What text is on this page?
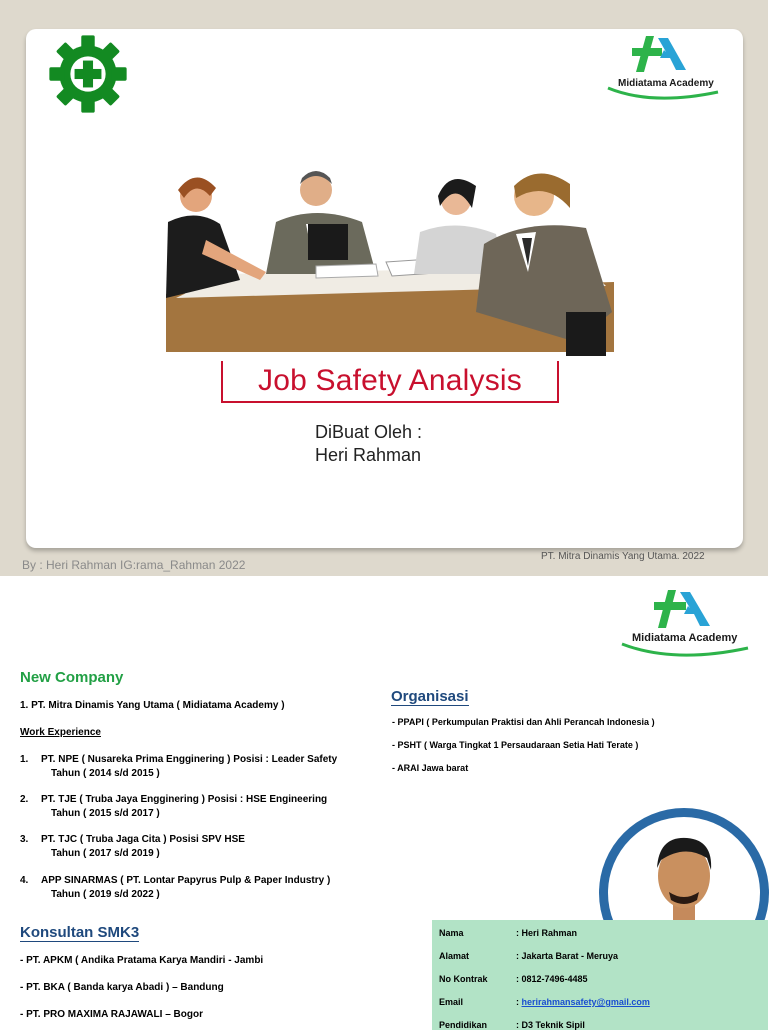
Midiatama Academy
Job Safety Analysis
DiBuat Oleh :
Heri Rahman
By : Heri Rahman IG:rama_Rahman 2022
PT. Mitra Dinamis Yang Utama. 2022
Midiatama Academy
New Company
1. PT. Mitra Dinamis Yang Utama ( Midiatama Academy )
Work Experience
1. PT. NPE ( Nusareka Prima Engginering ) Posisi : Leader Safety
Tahun ( 2014 s/d 2015 )
2. PT. TJE ( Truba Jaya Engginering ) Posisi : HSE Engineering
Tahun ( 2015 s/d 2017 )
3. PT. TJC ( Truba Jaga Cita ) Posisi SPV HSE
Tahun ( 2017 s/d 2019 )
4. APP SINARMAS ( PT. Lontar Papyrus Pulp & Paper Industry )
Tahun ( 2019 s/d 2022 )
Organisasi
- PPAPI ( Perkumpulan Praktisi dan Ahli Perancah Indonesia )
- PSHT ( Warga Tingkat 1 Persaudaraan Setia Hati Terate )
- ARAI Jawa barat
Konsultan SMK3
- PT. APKM ( Andika Pratama Karya Mandiri - Jambi
- PT. BKA ( Banda karya Abadi ) – Bandung
- PT. PRO MAXIMA RAJAWALI – Bogor
Nama	: Heri Rahman
Alamat	: Jakarta Barat - Meruya
No Kontrak	: 0812-7496-4485
Email	: herirahmansafety@gmail.com
Pendidikan	: D3 Teknik Sipil
